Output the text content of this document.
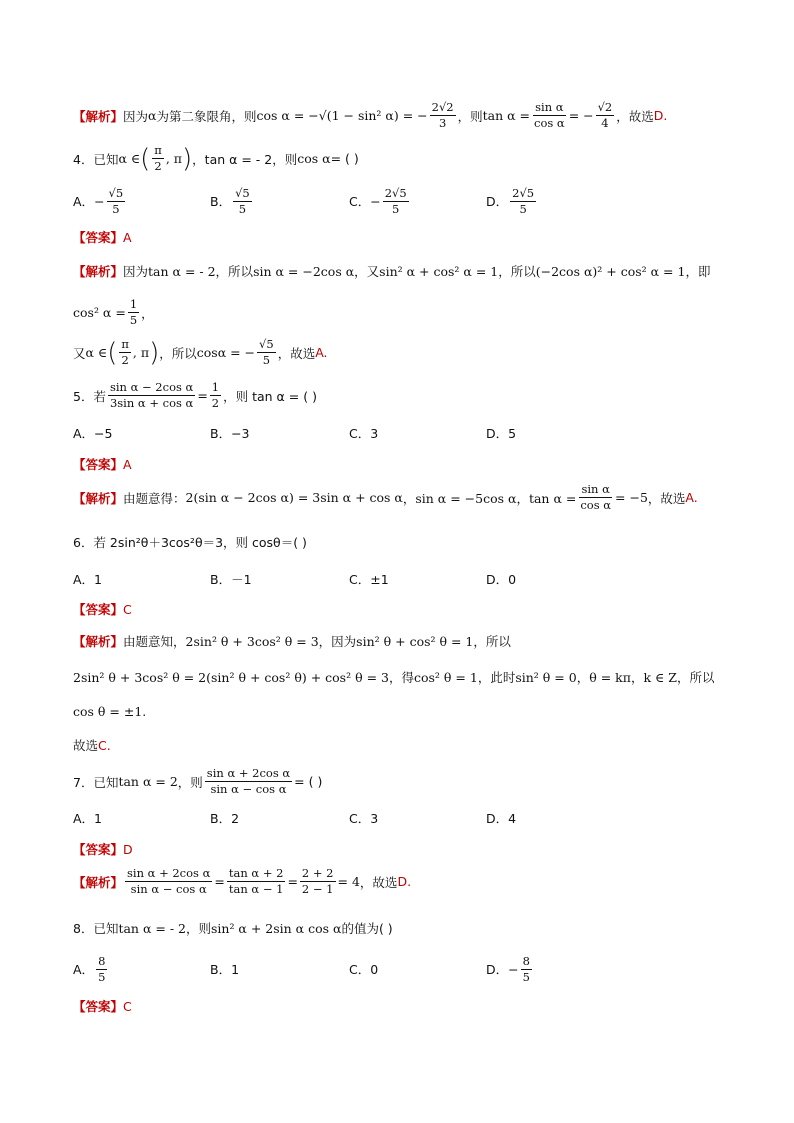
【解析】 因为 α 为第二象限角，则 cos α = −√(1 − sin² α) = − $\frac{2√2}{3}$ ，则 $\tan \alpha = \frac{\text{sin α}}{\text{cos α}}$ = − $\frac{√2}{4}$ ，故选 D.
4．已知 α ∈ ( $\frac{\pi}{2}$ , π ) ，tan α = - 2，则 cos α = ( )
A． − $\frac{√5}{5}$	B． $\frac{√5}{5}$	C． − $\frac{2√5}{5}$	D． $\frac{2√5}{5}$
【答案】 A
【解析】 因为 tan α = - 2 ，所以 sin α = −2cos α ，又 sin² α + cos² α = 1 ，所以 (−2cos α)² + cos² α = 1 ，即
cos² $\alpha = \frac{1}{5}$ ，
又 α ∈ ( $\frac{\pi}{2}$ , π ) ，所以 cosα = − $\frac{√5}{5}$ ，故选 A.
5．若 $\frac{\text{sin α − 2cos α}}{\text{3sin α + cos α}} = \frac{1}{2}$ ，则 tan α = ( )
A．−5	B．−3	C．3	D．5
【答案】 A
【解析】 由题意得： 2(sin α − 2cos α) = 3sin α + cos α ，sin α = −5cos α，$\tan \alpha = \frac{\text{sin α}}{\text{cos α}} = -5$ ，故选 A.
6．若 2sin²θ＋3cos²θ＝3，则 cosθ＝( )
A．1	B．－1	C．±1	D．0
【答案】 C
【解析】 由题意知， 2sin² θ + 3cos² θ = 3 ，因为 sin² θ + cos² θ = 1 ，所以
2sin² θ + 3cos² θ = 2(sin² θ + cos² θ) + cos² θ = 3 ，得 cos² θ = 1 ，此时 sin² θ = 0 ， θ = kπ ， k ∈ Z ，所以
cos θ = ±1.
故选 C.
7．已知 tan α = 2 ，则 $\frac{\text{sin α + 2cos α}}{\text{sin α − cos α}}$ = ( )
A．1	B．2	C．3	D．4
【答案】 D
【解析】 $\frac{\text{sin α + 2cos α}}{\text{sin α − cos α}} = \frac{\text{tan α + 2}}{\text{tan α − 1}} = \frac{2 + 2}{2 - 1} = 4$ ，故选 D.
8．已知 tan α = - 2 ，则 sin² α + 2sin α cos α 的值为( )
A． $\frac{8}{5}$	B．1	C．0	D． − $\frac{8}{5}$
【答案】 C
